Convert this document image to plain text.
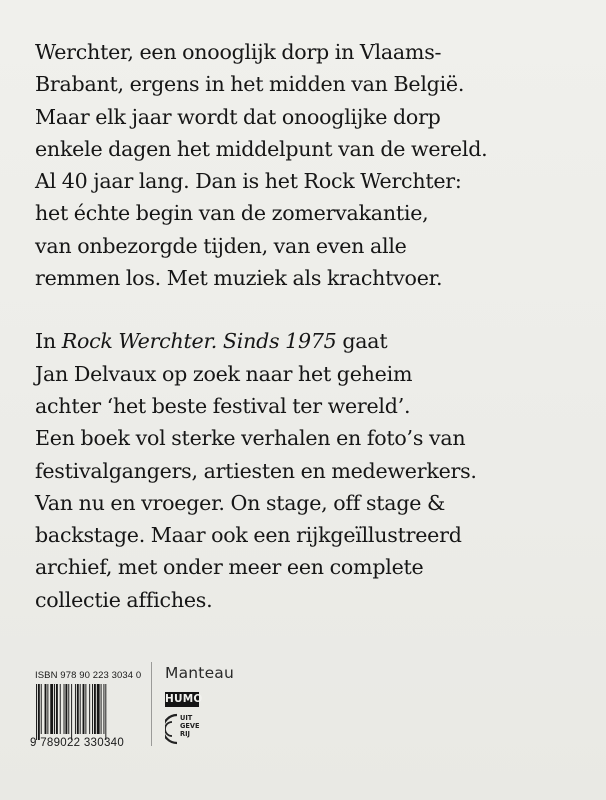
Werchter, een onooglijk dorp in Vlaams-
Brabant, ergens in het midden van België.
Maar elk jaar wordt dat onooglijke dorp
enkele dagen het middelpunt van de wereld.
Al 40 jaar lang. Dan is het Rock Werchter:
het échte begin van de zomervakantie,
van onbezorgde tijden, van even alle
remmen los. Met muziek als krachtvoer.
In Rock Werchter. Sinds 1975 gaat
Jan Delvaux op zoek naar het geheim
achter ‘het beste festival ter wereld’.
Een boek vol sterke verhalen en foto’s van
festivalgangers, artiesten en medewerkers.
Van nu en vroeger. On stage, off stage &
backstage. Maar ook een rijkgeïllustreerd
archief, met onder meer een complete
collectie affiches.
ISBN 978 90 223 3034 0
9 789022 330340
Manteau
HUMO
UIT
GEVE
RIJ
